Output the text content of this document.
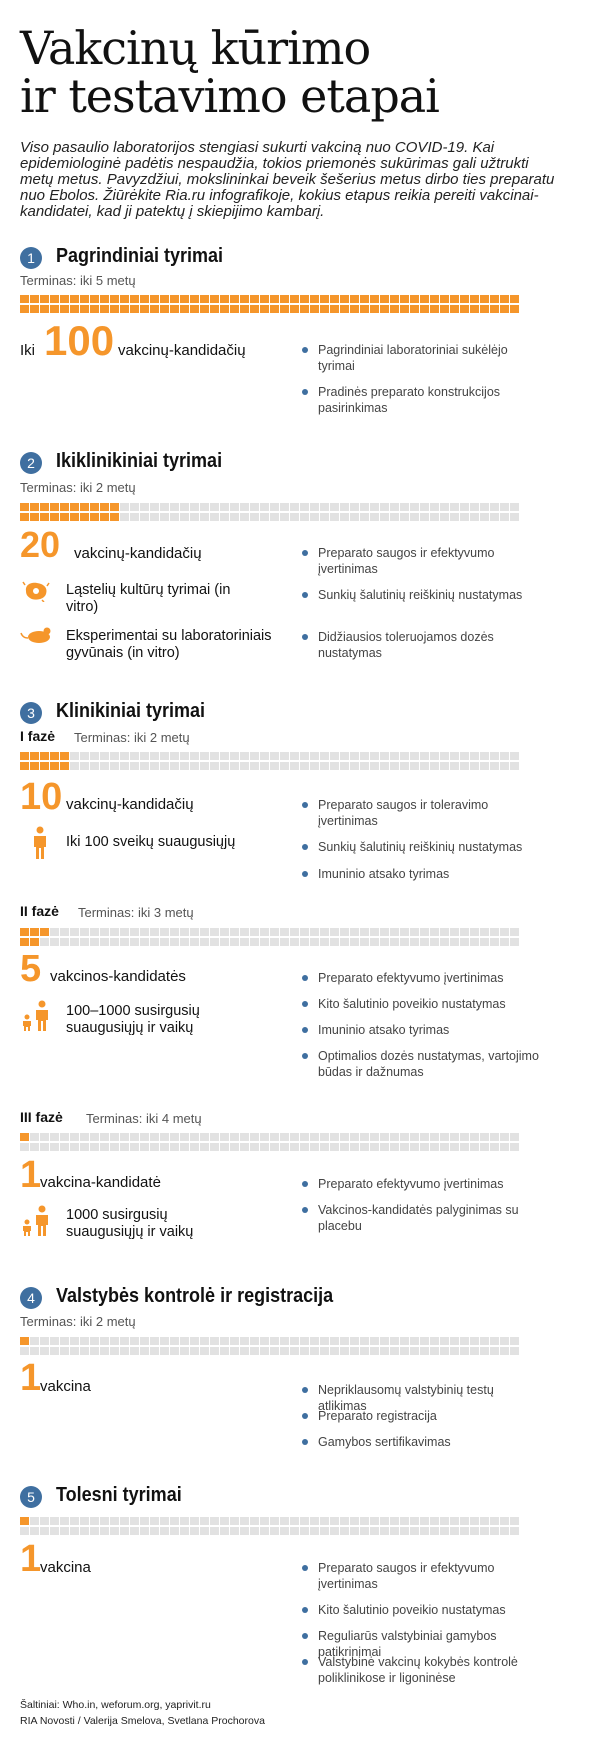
Vakcinų kūrimo
ir testavimo etapai
Viso pasaulio laboratorijos stengiasi sukurti vakciną nuo COVID-19. Kai epidemiologinė padėtis nespaudžia, tokios priemonės sukūrimas gali užtrukti metų metus. Pavyzdžiui, mokslininkai beveik šešerius metus dirbo ties preparatu nuo Ebolos. Žiūrėkite Ria.ru infografikoje, kokius etapus reikia pereiti vakcinai-kandidatei, kad ji patektų į skiepijimo kambarį.
1	Pagrindiniai tyrimai
Terminas: iki 5 metų
Iki 100 vakcinų-kandidačių	Pagrindiniai laboratoriniai sukėlėjo tyrimai
Pradinės preparato konstrukcijos pasirinkimas
2	Ikiklinikiniai tyrimai
Terminas: iki 2 metų
20 vakcinų-kandidačių
Ląstelių kultūrų tyrimai (in vitro)
Eksperimentai su laboratoriniais gyvūnais (in vitro)
Preparato saugos ir efektyvumo įvertinimas
Sunkių šalutinių reiškinių nustatymas
Didžiausios toleruojamos dozės nustatymas
3	Klinikiniai tyrimai
I fazė Terminas: iki 2 metų
10 vakcinų-kandidačių
Iki 100 sveikų suaugusiųjų
Preparato saugos ir toleravimo įvertinimas
Sunkių šalutinių reiškinių nustatymas
Imuninio atsako tyrimas
II fazė Terminas: iki 3 metų
5 vakcinos-kandidatės
100–1000 susirgusių suaugusiųjų ir vaikų
Preparato efektyvumo įvertinimas
Kito šalutinio poveikio nustatymas
Imuninio atsako tyrimas
Optimalios dozės nustatymas, vartojimo būdas ir dažnumas
III fazė Terminas: iki 4 metų
1
vakcina-kandidatė
1000 susirgusių suaugusiųjų ir vaikų
Preparato efektyvumo įvertinimas
Vakcinos-kandidatės palyginimas su placebu
4	Valstybės kontrolė ir registracija
Terminas: iki 2 metų
1
vakcina	Nepriklausomų valstybinių testų atlikimas
Preparato registracija
Gamybos sertifikavimas
5	Tolesni tyrimai
1
vakcina	Preparato saugos ir efektyvumo įvertinimas
Kito šalutinio poveikio nustatymas
Reguliarūs valstybiniai gamybos patikrinimai
Valstybinė vakcinų kokybės kontrolė poliklinikose ir ligoninėse
Šaltiniai: Who.in, weforum.org, yaprivit.ru
RIA Novosti / Valerija Smelova, Svetlana Prochorova
